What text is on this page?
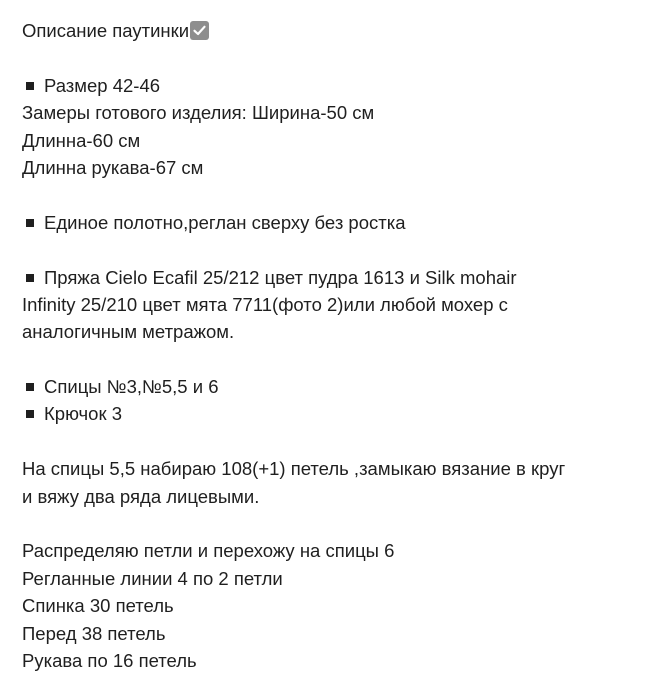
Описание паутинки
Размер 42-46
Замеры готового изделия: Ширина-50 см
Длинна-60 см
Длинна рукава-67 см
Единое полотно,реглан сверху без ростка
Пряжа Cielo Ecafil 25/212 цвет пудра 1613 и Silk mohair
Infinity 25/210 цвет мята 7711(фото 2)или любой мохер с
аналогичным метражом.
Спицы №3,№5,5 и 6
Крючок 3
На спицы 5,5 набираю 108(+1) петель ,замыкаю вязание в круг
и вяжу два ряда лицевыми.
Распределяю петли и перехожу на спицы 6
Регланные линии 4 по 2 петли
Спинка 30 петель
Перед 38 петель
Рукава по 16 петель
